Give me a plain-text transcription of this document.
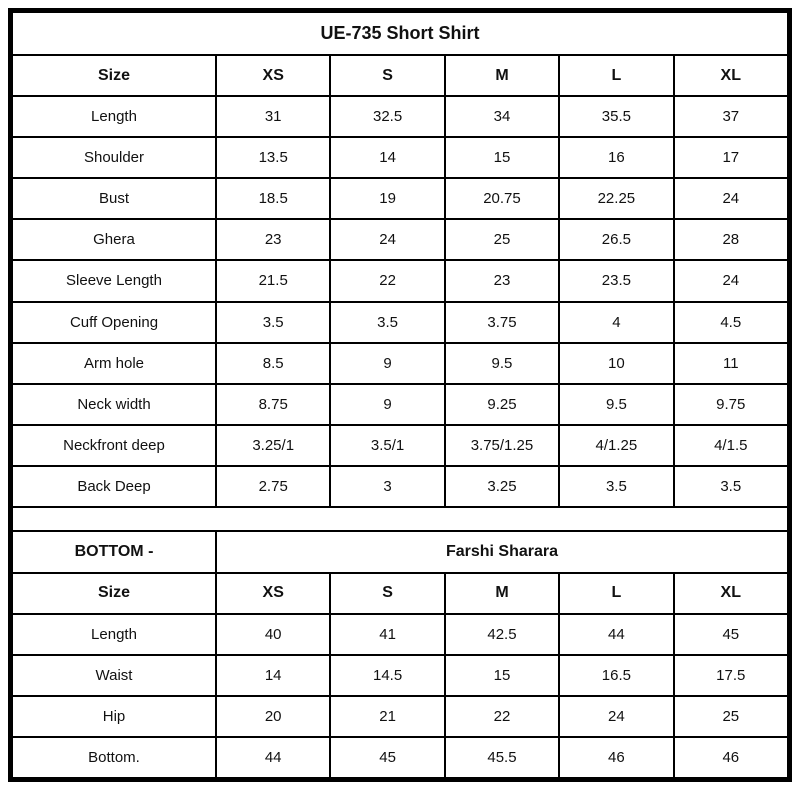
UE-735 Short Shirt					
Size	XS	S	M	L	XL
Length	31	32.5	34	35.5	37
Shoulder	13.5	14	15	16	17
Bust	18.5	19	20.75	22.25	24
Ghera	23	24	25	26.5	28
Sleeve Length	21.5	22	23	23.5	24
Cuff Opening	3.5	3.5	3.75	4	4.5
Arm hole	8.5	9	9.5	10	11
Neck width	8.75	9	9.25	9.5	9.75
Neckfront deep	3.25/1	3.5/1	3.75/1.25	4/1.25	4/1.5
Back Deep	2.75	3	3.25	3.5	3.5

BOTTOM -	Farshi Sharara				
Size	XS	S	M	L	XL
Length	40	41	42.5	44	45
Waist	14	14.5	15	16.5	17.5
Hip	20	21	22	24	25
Bottom.	44	45	45.5	46	46
